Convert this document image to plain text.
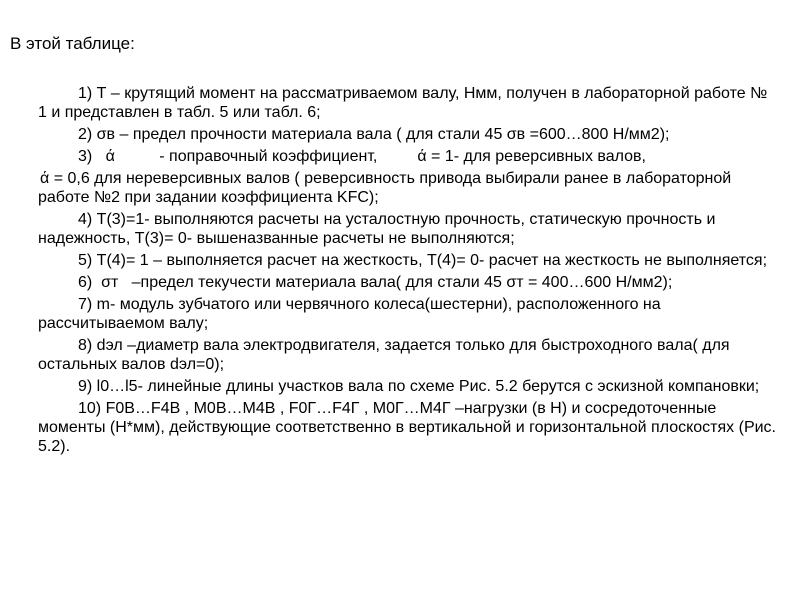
В этой таблице:

1) Т – крутящий момент на рассматриваемом валу, Нмм, получен в лабораторной работе № 1 и представлен в табл. 5 или табл. 6;

2) σв – предел прочности материала вала ( для стали 45 σв =600…800 Н/мм2);

3)   ά          - поправочный коэффициент,         ά = 1- для реверсивных валов,

ά = 0,6 для нереверсивных валов ( реверсивность привода выбирали ранее в лабораторной работе №2 при задании коэффициента KFC);

4) Т(3)=1- выполняются расчеты на усталостную прочность, статическую прочность и надежность, Т(3)= 0- вышеназванные расчеты не выполняются;

5) Т(4)= 1 – выполняется расчет на жесткость, Т(4)= 0- расчет на жесткость не выполняется;

6)  σт   –предел текучести материала вала( для стали 45 σт = 400…600 Н/мм2);

7) m- модуль зубчатого или червячного колеса(шестерни), расположенного на рассчитываемом валу;

8) dэл –диаметр вала электродвигателя, задается только для быстроходного вала( для остальных валов dэл=0);

9) l0…l5- линейные длины участков вала по схеме Рис. 5.2 берутся с эскизной компановки;

10) F0В…F4В , М0В…М4В , F0Г…F4Г , М0Г…М4Г –нагрузки (в Н) и сосредоточенные моменты (Н*мм), действующие соответственно в вертикальной и горизонтальной плоскостях (Рис. 5.2).
